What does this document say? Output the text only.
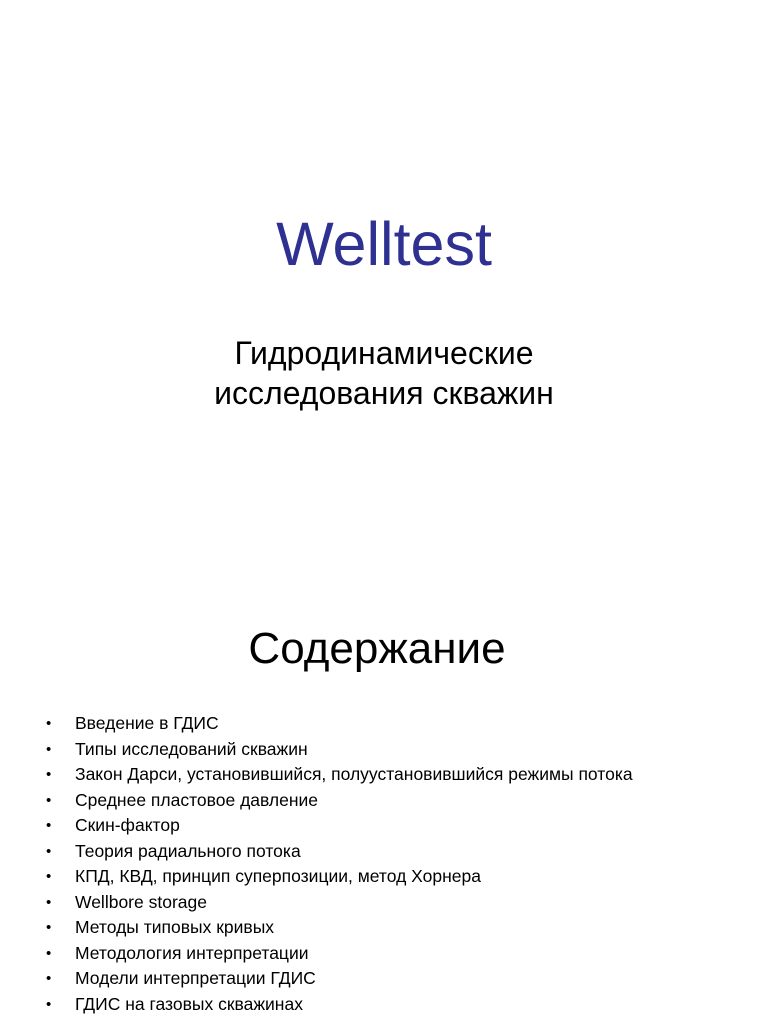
Welltest

Гидродинамические
исследования скважин

Содержание
• Введение в ГДИС
• Типы исследований скважин
• Закон Дарси, установившийся, полуустановившийся режимы потока
• Среднее пластовое давление
• Скин-фактор
• Теория радиального потока
• КПД, КВД, принцип суперпозиции, метод Хорнера
• Wellbore storage
• Методы типовых кривых
• Методология интерпретации
• Модели интерпретации ГДИС
• ГДИС на газовых скважинах
